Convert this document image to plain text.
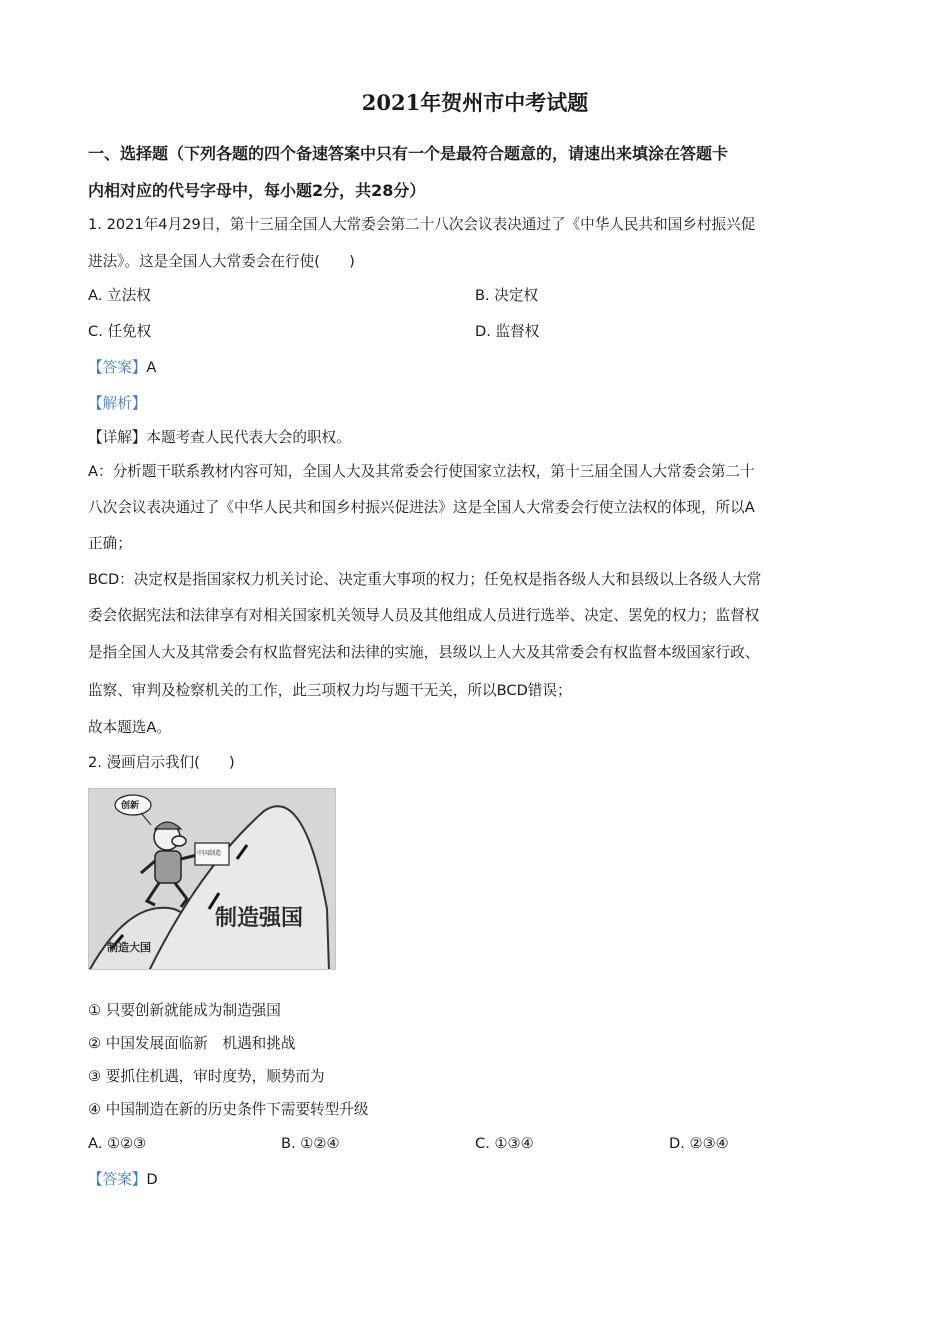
2021年贺州市中考试题
一、选择题（下列各题的四个备速答案中只有一个是最符合题意的，请速出来填涂在答题卡
内相对应的代号字母中，每小题2分，共28分）
1. 2021年4月29日，第十三届全国人大常委会第二十八次会议表决通过了《中华人民共和国乡村振兴促
进法》。这是全国人大常委会在行使(　　)
A. 立法权	B. 决定权
C. 任免权	D. 监督权
【答案】A
【解析】
【详解】本题考查人民代表大会的职权。
A：分析题干联系教材内容可知，全国人大及其常委会行使国家立法权，第十三届全国人大常委会第二十
八次会议表决通过了《中华人民共和国乡村振兴促进法》这是全国人大常委会行使立法权的体现，所以A
正确；
BCD：决定权是指国家权力机关讨论、决定重大事项的权力；任免权是指各级人大和县级以上各级人大常
委会依据宪法和法律享有对相关国家机关领导人员及其他组成人员进行选举、决定、罢免的权力；监督权
是指全国人大及其常委会有权监督宪法和法律的实施，县级以上人大及其常委会有权监督本级国家行政、
监察、审判及检察机关的工作，此三项权力均与题干无关，所以BCD错误；
故本题选A。
2. 漫画启示我们(　　)
创新
中国制造
制造强国
制造大国
① 只要创新就能成为制造强国
② 中国发展面临新　机遇和挑战
③ 要抓住机遇，审时度势，顺势而为
④ 中国制造在新的历史条件下需要转型升级
A. ①②③	B. ①②④	C. ①③④	D. ②③④
【答案】D
